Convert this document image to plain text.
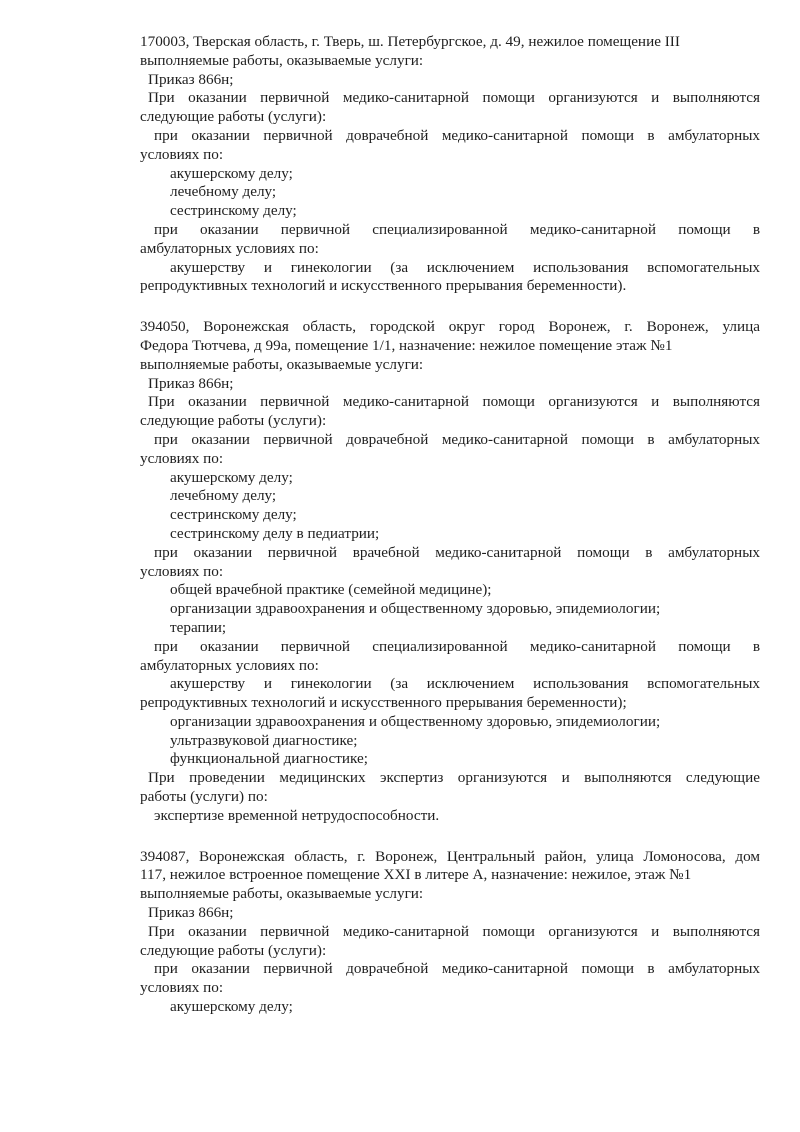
170003, Тверская область, г. Тверь, ш. Петербургское, д. 49, нежилое помещение III
выполняемые работы, оказываемые услуги:
Приказ 866н;
При оказании первичной медико-санитарной помощи организуются и выполняются
следующие работы (услуги):
при оказании первичной доврачебной медико-санитарной помощи в амбулаторных
условиях по:
акушерскому делу;
лечебному делу;
сестринскому делу;
при оказании первичной специализированной медико-санитарной помощи в
амбулаторных условиях по:
акушерству и гинекологии (за исключением использования вспомогательных
репродуктивных технологий и искусственного прерывания беременности).
394050, Воронежская область, городской округ город Воронеж, г. Воронеж, улица
Федора Тютчева, д 99а, помещение 1/1, назначение: нежилое помещение этаж №1
выполняемые работы, оказываемые услуги:
Приказ 866н;
При оказании первичной медико-санитарной помощи организуются и выполняются
следующие работы (услуги):
при оказании первичной доврачебной медико-санитарной помощи в амбулаторных
условиях по:
акушерскому делу;
лечебному делу;
сестринскому делу;
сестринскому делу в педиатрии;
при оказании первичной врачебной медико-санитарной помощи в амбулаторных
условиях по:
общей врачебной практике (семейной медицине);
организации здравоохранения и общественному здоровью, эпидемиологии;
терапии;
при оказании первичной специализированной медико-санитарной помощи в
амбулаторных условиях по:
акушерству и гинекологии (за исключением использования вспомогательных
репродуктивных технологий и искусственного прерывания беременности);
организации здравоохранения и общественному здоровью, эпидемиологии;
ультразвуковой диагностике;
функциональной диагностике;
При проведении медицинских экспертиз организуются и выполняются следующие
работы (услуги) по:
экспертизе временной нетрудоспособности.
394087, Воронежская область, г. Воронеж, Центральный район, улица Ломоносова, дом
117, нежилое встроенное помещение XXI в литере А, назначение: нежилое, этаж №1
выполняемые работы, оказываемые услуги:
Приказ 866н;
При оказании первичной медико-санитарной помощи организуются и выполняются
следующие работы (услуги):
при оказании первичной доврачебной медико-санитарной помощи в амбулаторных
условиях по:
акушерскому делу;
